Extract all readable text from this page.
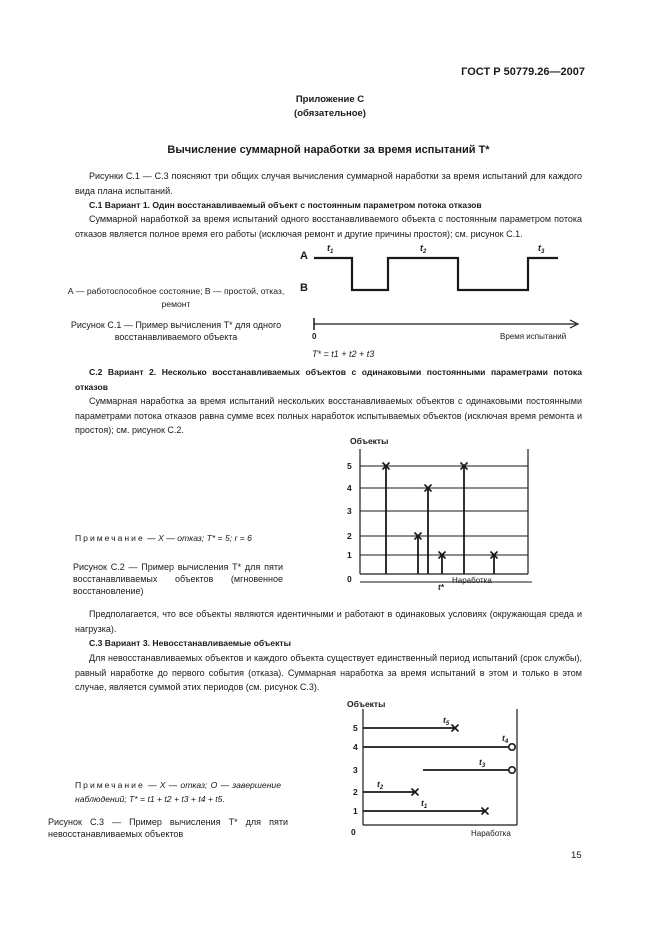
ГОСТ Р 50779.26—2007
Приложение С
(обязательное)
Вычисление суммарной наработки за время испытаний T*
Рисунки С.1 — С.3 поясняют три общих случая вычисления суммарной наработки за время испытаний для каждого вида плана испытаний.
С.1 Вариант 1. Один восстанавливаемый объект с постоянным параметром потока отказов
Суммарной наработкой за время испытаний одного восстанавливаемого объекта с постоянным параметром потока отказов является полное время его работы (исключая ремонт и другие причины простоя); см. рисунок С.1.
А — работоспособное состояние; В — простой, отказ, ремонт
Рисунок С.1 — Пример вычисления T* для одного восстанавливаемого объекта
А
В
$t_1$	$t_2$	$t_3$
0	Время испытаний
T* = t1 + t2 + t3
С.2 Вариант 2. Несколько восстанавливаемых объектов с одинаковыми постоянными параметрами потока отказов
Суммарная наработка за время испытаний нескольких восстанавливаемых объектов с одинаковыми постоянными параметрами потока отказов равна сумме всех полных наработок испытываемых объектов (исключая время ремонта и простоя); см. рисунок С.2.
Примечание — Х — отказ; T* = 5; r = 6
Рисунок С.2 — Пример вычисления T* для пяти восстанавливаемых объектов (мгновенное восстановление)
Объекты
1
2
3
4
5
0	Наработка
t*
Предполагается, что все объекты являются идентичными и работают в одинаковых условиях (окружающая среда и нагрузка).
С.3 Вариант 3. Невосстанавливаемые объекты
Для невосстанавливаемых объектов и каждого объекта существует единственный период испытаний (срок службы), равный наработке до первого события (отказа). Суммарная наработка за время испытаний в этом и только в этом случае, является суммой этих периодов (см. рисунок С.3).
Примечание — Х — отказ; О — завершение наблюдений; T* = t1 + t2 + t3 + t4 + t5.
Рисунок С.3 — Пример вычисления T* для пяти невосстанавливаемых объектов
Объекты
$t_5$
$t_4$
$t_3$
$t_2$
$t_1$
1
2
3
4
5
0	Наработка
15
